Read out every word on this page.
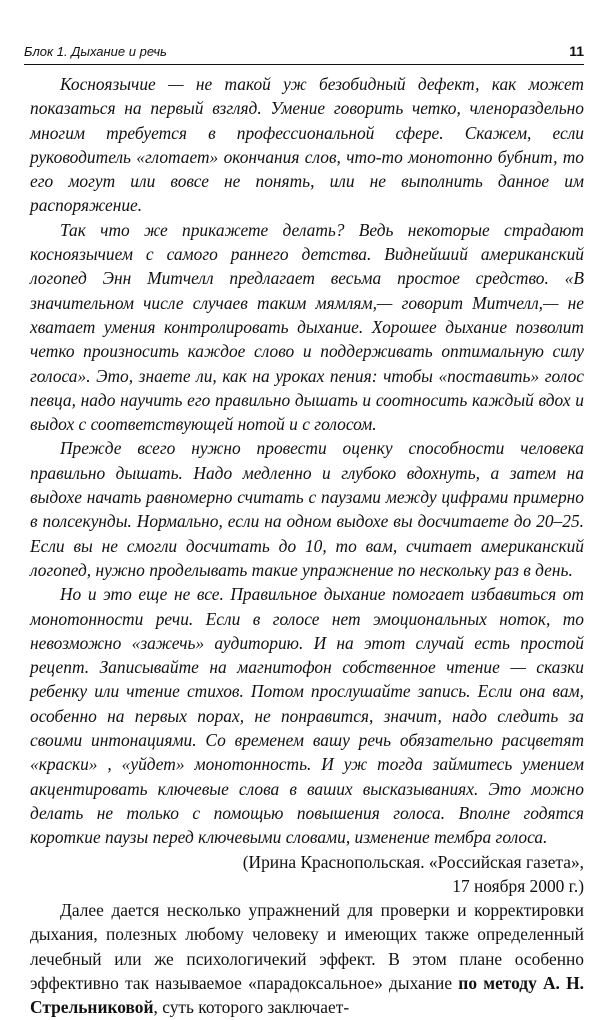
Блок 1. Дыхание и речь	11

Косноязычие — не такой уж безобидный дефект, как может показаться на первый взгляд. Умение говорить четко, членораздельно многим требуется в профессиональной сфере. Скажем, если руководитель «глотает» окончания слов, что-то монотонно бубнит, то его могут или вовсе не понять, или не выполнить данное им распоряжение.

Так что же прикажете делать? Ведь некоторые страдают косноязычием с самого раннего детства. Виднейший американский логопед Энн Митчелл предлагает весьма простое средство. «В значительном числе случаев таким мямлям,— говорит Митчелл,— не хватает умения контролировать дыхание. Хорошее дыхание позволит четко произносить каждое слово и поддерживать оптимальную силу голоса». Это, знаете ли, как на уроках пения: чтобы «поставить» голос певца, надо научить его правильно дышать и соотносить каждый вдох и выдох с соответствующей нотой и с голосом.

Прежде всего нужно провести оценку способности человека правильно дышать. Надо медленно и глубоко вдохнуть, а затем на выдохе начать равномерно считать с паузами между цифрами примерно в полсекунды. Нормально, если на одном выдохе вы досчитаете до 20–25. Если вы не смогли досчитать до 10, то вам, считает американский логопед, нужно проделывать такие упражнение по нескольку раз в день.

Но и это еще не все. Правильное дыхание помогает избавиться от монотонности речи. Если в голосе нет эмоциональных ноток, то невозможно «зажечь» аудиторию. И на этот случай есть простой рецепт. Записывайте на магнитофон собственное чтение — сказки ребенку или чтение стихов. Потом прослушайте запись. Если она вам, особенно на первых порах, не понравится, значит, надо следить за своими интонациями. Со временем вашу речь обязательно расцветят «краски» , «уйдет» монотонность. И уж тогда займитесь умением акцентировать ключевые слова в ваших высказываниях. Это можно делать не только с помощью повышения голоса. Вполне годятся короткие паузы перед ключевыми словами, изменение тембра голоса.

(Ирина Краснопольская. «Российская газета»,
17 ноября 2000 г.)

Далее дается несколько упражнений для проверки и корректировки дыхания, полезных любому человеку и имеющих также определенный лечебный или же психологичекий эффект. В этом плане особенно эффективно так называемое «парадоксальное» дыхание по методу А. Н. Стрельниковой, суть которого заключает-
